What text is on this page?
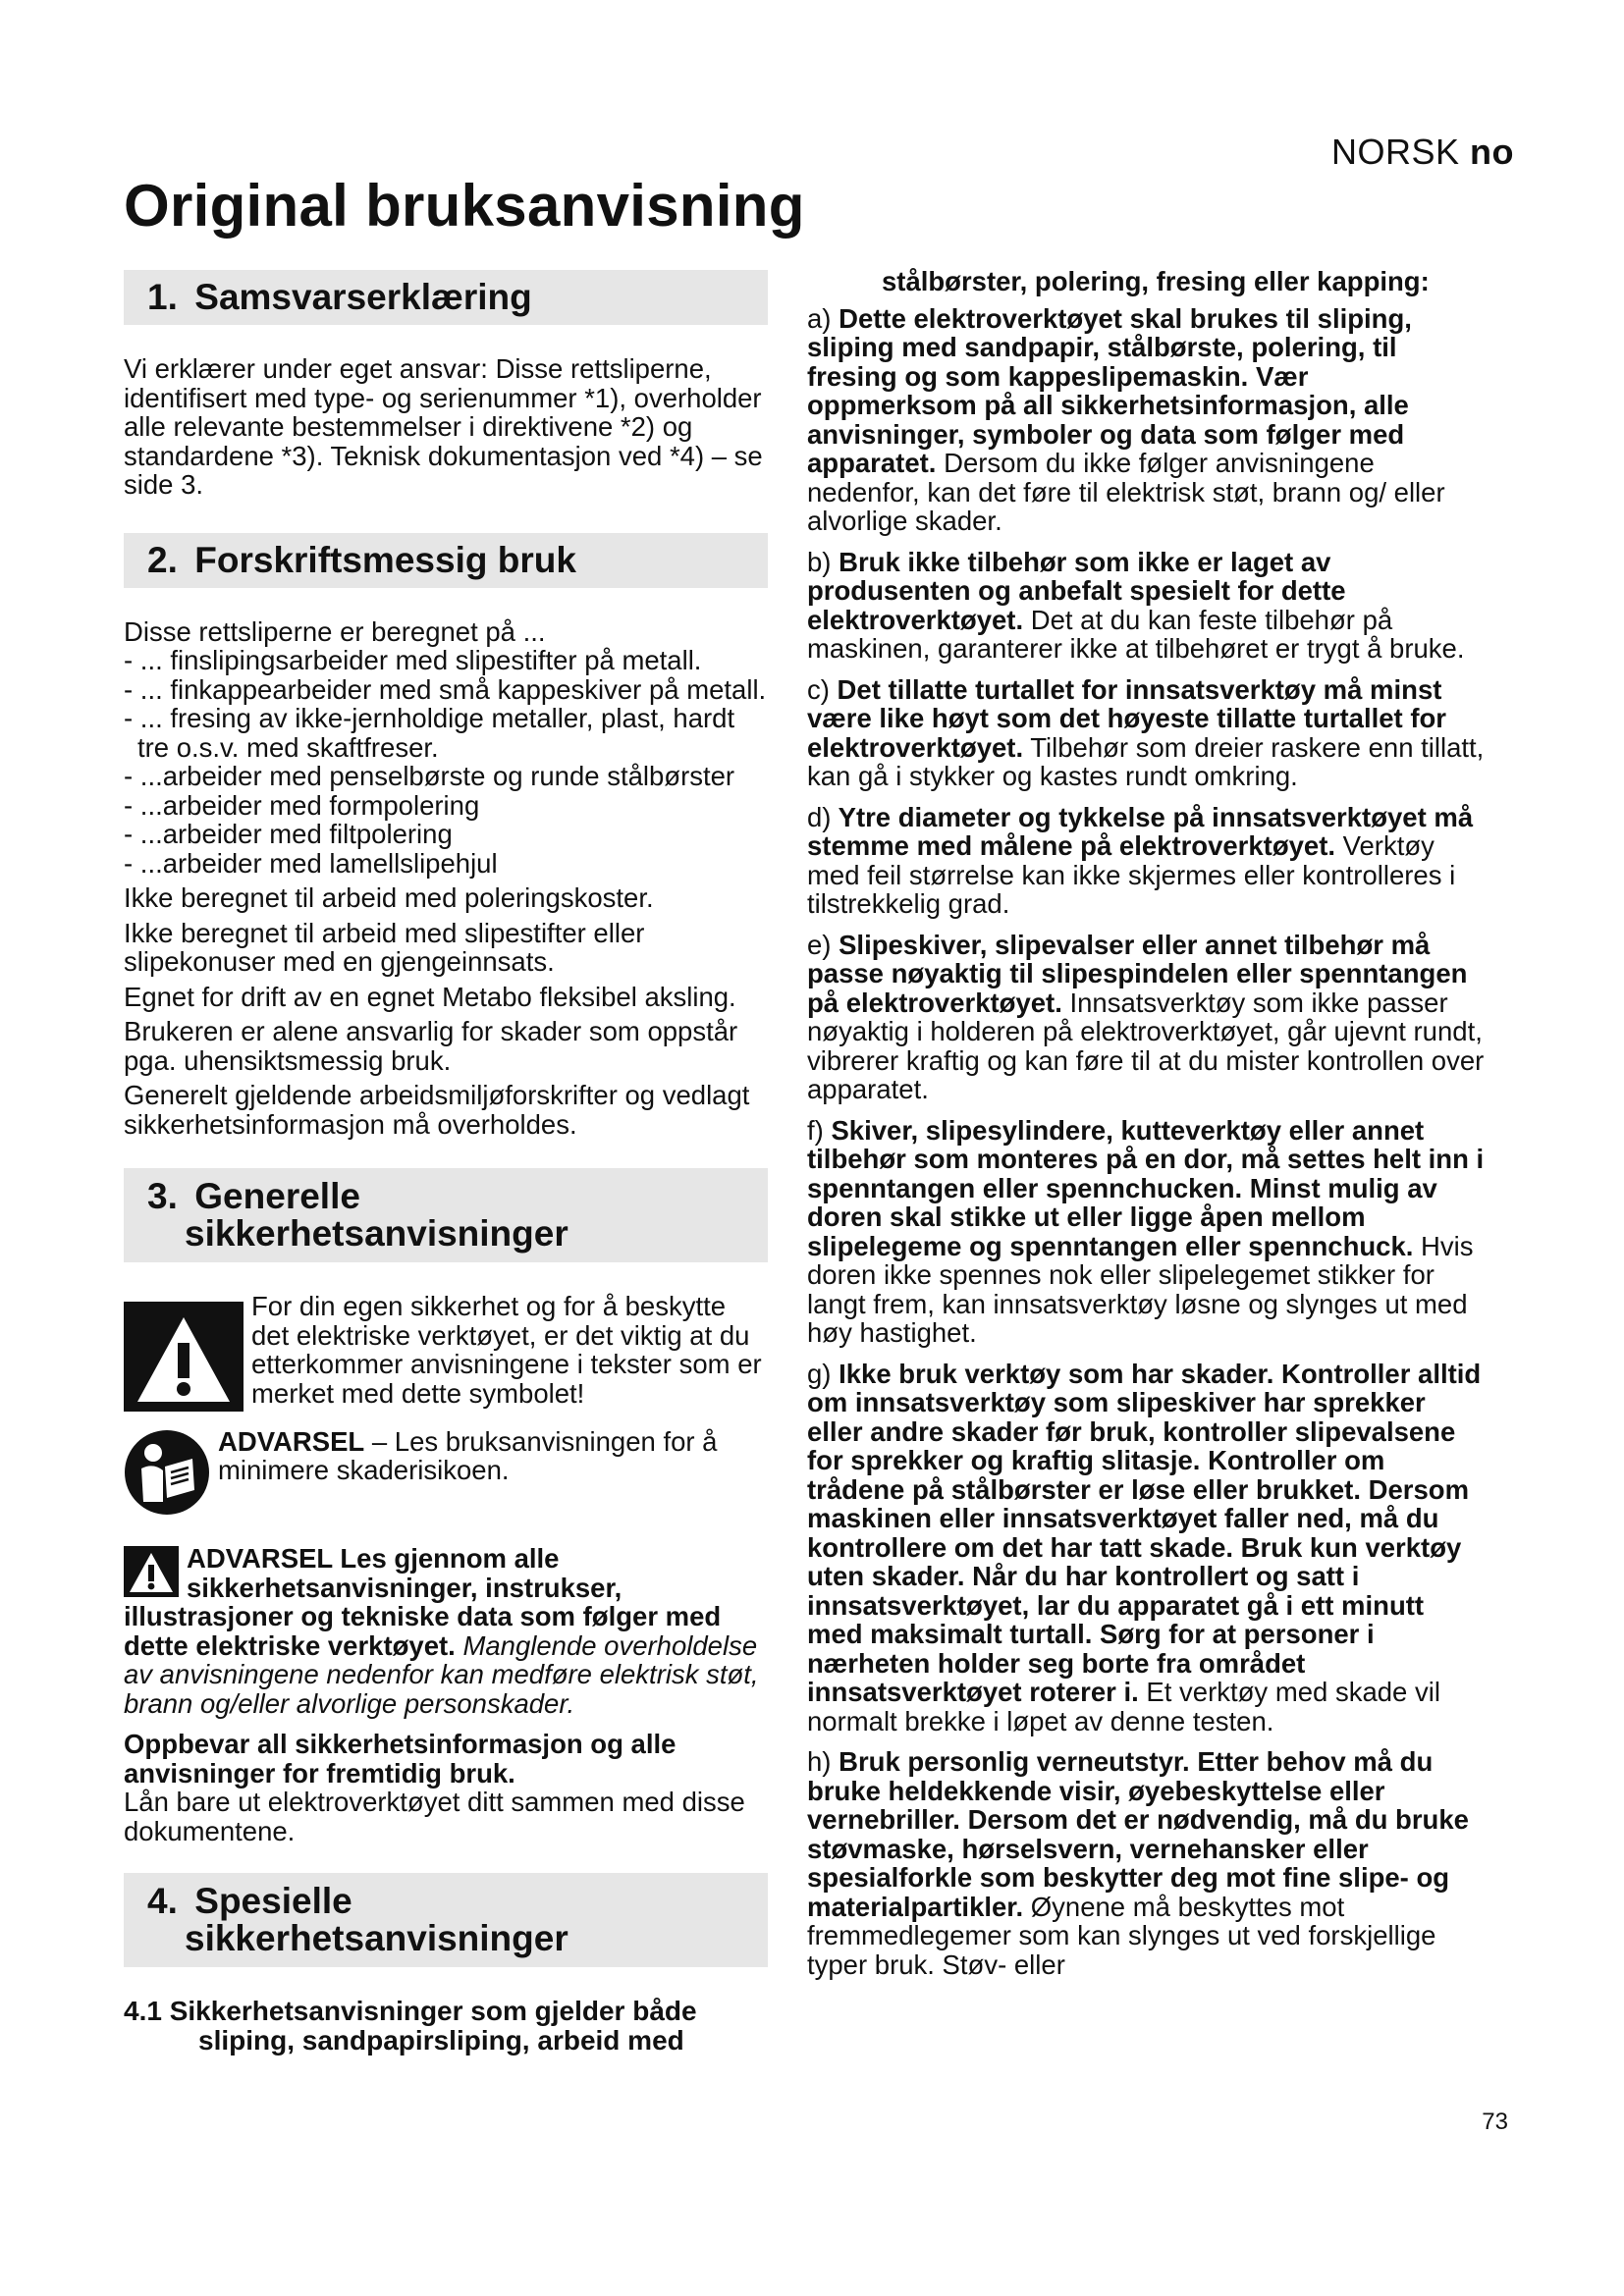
NORSK no
Original bruksanvisning
1. Samsvarserklæring

Vi erklærer under eget ansvar: Disse rettsliperne, identifisert med type- og serienummer *1), overholder alle relevante bestemmelser i direktivene *2) og standardene *3). Teknisk dokumentasjon ved *4) – se side 3.

2. Forskriftsmessig bruk

Disse rettsliperne er beregnet på ...

- ... finslipingsarbeider med slipestifter på metall.
- ... finkappearbeider med små kappeskiver på metall.
- ... fresing av ikke-jernholdige metaller, plast, hardt tre o.s.v. med skaftfreser.
- ...arbeider med penselbørste og runde stålbørster
- ...arbeider med formpolering
- ...arbeider med filtpolering
- ...arbeider med lamellslipehjul

Ikke beregnet til arbeid med poleringskoster.

Ikke beregnet til arbeid med slipestifter eller slipekonuser med en gjengeinnsats.

Egnet for drift av en egnet Metabo fleksibel aksling.

Brukeren er alene ansvarlig for skader som oppstår pga. uhensiktsmessig bruk.

Generelt gjeldende arbeidsmiljøforskrifter og vedlagt sikkerhetsinformasjon må overholdes.

3. Generelle
sikkerhetsanvisninger
For din egen sikkerhet og for å beskytte det elektriske verktøyet, er det viktig at du etterkommer anvisningene i tekster som er merket med dette symbolet!
ADVARSEL – Les bruksanvisningen for å minimere skaderisikoen.
ADVARSEL Les gjennom alle sikkerhetsanvisninger, instrukser, illustrasjoner og tekniske data som følger med dette elektriske verktøyet. Manglende overholdelse av anvisningene nedenfor kan medføre elektrisk støt, brann og/eller alvorlige personskader.

Oppbevar all sikkerhetsinformasjon og alle anvisninger for fremtidig bruk.

Lån bare ut elektroverktøyet ditt sammen med disse dokumentene.

4. Spesielle
sikkerhetsanvisninger
4.1 Sikkerhetsanvisninger som gjelder både
sliping, sandpapirsliping, arbeid med
stålbørster, polering, fresing eller kapping:
a) Dette elektroverktøyet skal brukes til sliping, sliping med sandpapir, stålbørste, polering, til fresing og som kappeslipemaskin. Vær oppmerksom på all sikkerhetsinformasjon, alle anvisninger, symboler og data som følger med apparatet. Dersom du ikke følger anvisningene nedenfor, kan det føre til elektrisk støt, brann og/ eller alvorlige skader.
b) Bruk ikke tilbehør som ikke er laget av produsenten og anbefalt spesielt for dette elektroverktøyet. Det at du kan feste tilbehør på maskinen, garanterer ikke at tilbehøret er trygt å bruke.
c) Det tillatte turtallet for innsatsverktøy må minst være like høyt som det høyeste tillatte turtallet for elektroverktøyet. Tilbehør som dreier raskere enn tillatt, kan gå i stykker og kastes rundt omkring.
d) Ytre diameter og tykkelse på innsatsverktøyet må stemme med målene på elektroverktøyet. Verktøy med feil størrelse kan ikke skjermes eller kontrolleres i tilstrekkelig grad.
e) Slipeskiver, slipevalser eller annet tilbehør må passe nøyaktig til slipespindelen eller spenntangen på elektroverktøyet. Innsatsverktøy som ikke passer nøyaktig i holderen på elektroverktøyet, går ujevnt rundt, vibrerer kraftig og kan føre til at du mister kontrollen over apparatet.
f) Skiver, slipesylindere, kutteverktøy eller annet tilbehør som monteres på en dor, må settes helt inn i spenntangen eller spennchucken. Minst mulig av doren skal stikke ut eller ligge åpen mellom slipelegeme og spenntangen eller spennchuck. Hvis doren ikke spennes nok eller slipelegemet stikker for langt frem, kan innsatsverktøy løsne og slynges ut med høy hastighet.
g) Ikke bruk verktøy som har skader. Kontroller alltid om innsatsverktøy som slipeskiver har sprekker eller andre skader før bruk, kontroller slipevalsene for sprekker og kraftig slitasje. Kontroller om trådene på stålbørster er løse eller brukket. Dersom maskinen eller innsatsverktøyet faller ned, må du kontrollere om det har tatt skade. Bruk kun verktøy uten skader. Når du har kontrollert og satt i innsatsverktøyet, lar du apparatet gå i ett minutt med maksimalt turtall. Sørg for at personer i nærheten holder seg borte fra området innsatsverktøyet roterer i. Et verktøy med skade vil normalt brekke i løpet av denne testen.
h) Bruk personlig verneutstyr. Etter behov må du bruke heldekkende visir, øyebeskyttelse eller vernebriller. Dersom det er nødvendig, må du bruke støvmaske, hørselsvern, vernehansker eller spesialforkle som beskytter deg mot fine slipe- og materialpartikler. Øynene må beskyttes mot fremmedlegemer som kan slynges ut ved forskjellige typer bruk. Støv- eller
73
